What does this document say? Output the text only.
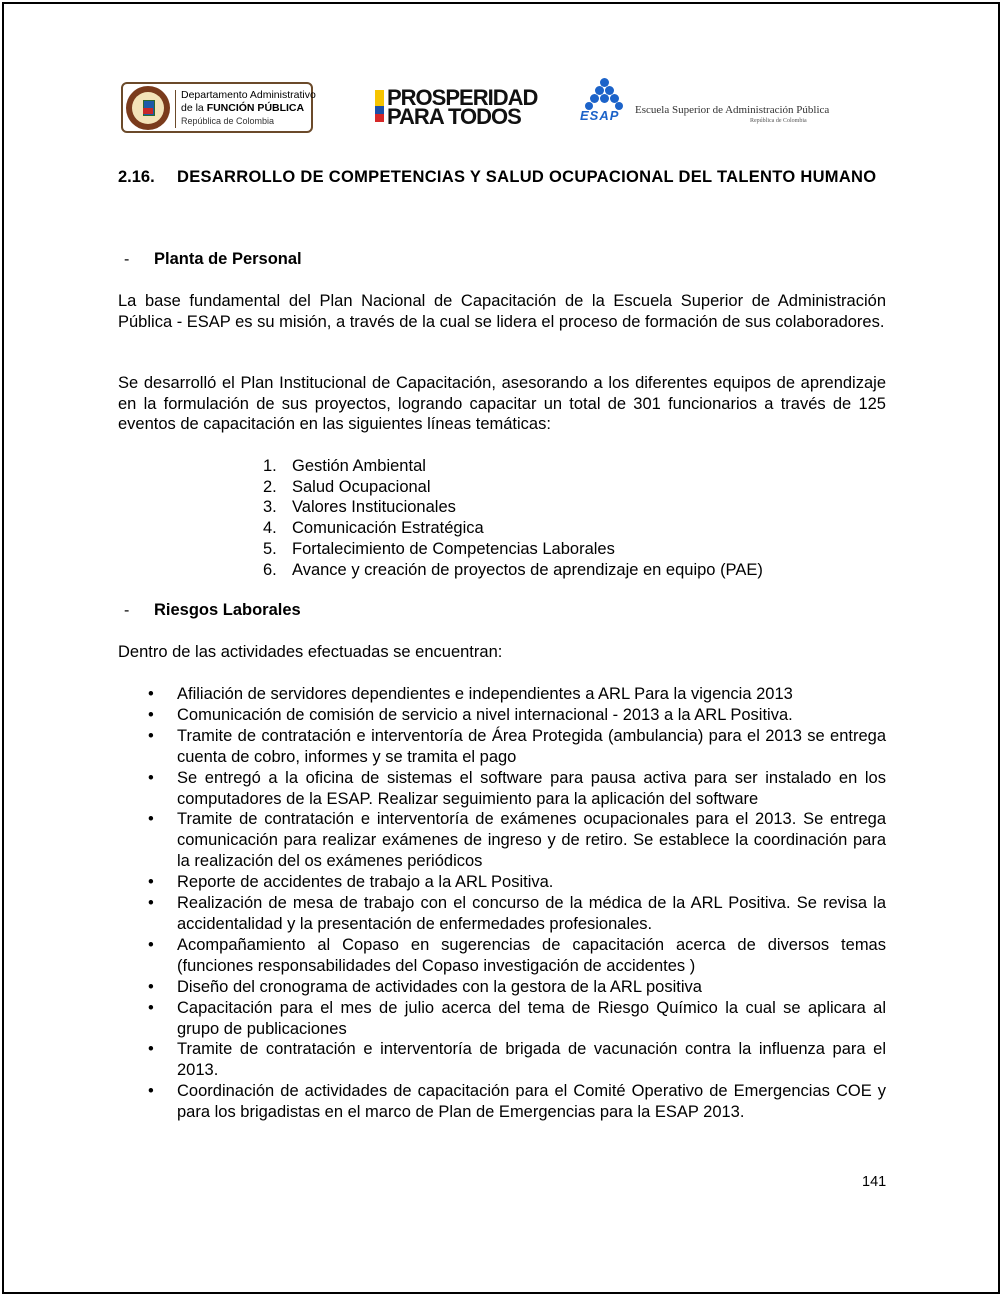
Departamento Administrativo
de la FUNCIÓN PÚBLICA
República de Colombia
PROSPERIDAD
PARA TODOS	ESAP Escuela Superior de Administración Pública
República de Colombia
2.16. DESARROLLO DE COMPETENCIAS Y SALUD OCUPACIONAL DEL TALENTO HUMANO
- Planta de Personal
La base fundamental del Plan Nacional de Capacitación de la Escuela Superior de Administración Pública - ESAP es su misión, a través de la cual se lidera el proceso de formación de sus colaboradores.
Se desarrolló el Plan Institucional de Capacitación, asesorando a los diferentes equipos de aprendizaje en la formulación de sus proyectos, logrando capacitar un total de 301 funcionarios a través de 125 eventos de capacitación en las siguientes líneas temáticas:
1. Gestión Ambiental
2. Salud Ocupacional
3. Valores Institucionales
4. Comunicación Estratégica
5. Fortalecimiento de Competencias Laborales
6. Avance y creación de proyectos de aprendizaje en equipo (PAE)
- Riesgos Laborales
Dentro de las actividades efectuadas se encuentran:
• Afiliación de servidores dependientes e independientes a ARL Para la vigencia 2013
• Comunicación de comisión de servicio a nivel internacional - 2013 a la ARL Positiva.
• Tramite de contratación e interventoría de Área Protegida (ambulancia) para el 2013 se entrega cuenta de cobro, informes y se tramita el pago
• Se entregó a la oficina de sistemas el software para pausa activa para ser instalado en los computadores de la ESAP. Realizar seguimiento para la aplicación del software
• Tramite de contratación e interventoría de exámenes ocupacionales para el 2013. Se entrega comunicación para realizar exámenes de ingreso y de retiro. Se establece la coordinación para la realización del os exámenes periódicos
• Reporte de accidentes de trabajo a la ARL Positiva.
• Realización de mesa de trabajo con el concurso de la médica de la ARL Positiva. Se revisa la accidentalidad y la presentación de enfermedades profesionales.
• Acompañamiento al Copaso en sugerencias de capacitación acerca de diversos temas (funciones responsabilidades del Copaso investigación de accidentes )
• Diseño del cronograma de actividades con la gestora de la ARL positiva
• Capacitación para el mes de julio acerca del tema de Riesgo Químico la cual se aplicara al grupo de publicaciones
• Tramite de contratación e interventoría de brigada de vacunación contra la influenza para el 2013.
• Coordinación de actividades de capacitación para el Comité Operativo de Emergencias COE y para los brigadistas en el marco de Plan de Emergencias para la ESAP 2013.
141
